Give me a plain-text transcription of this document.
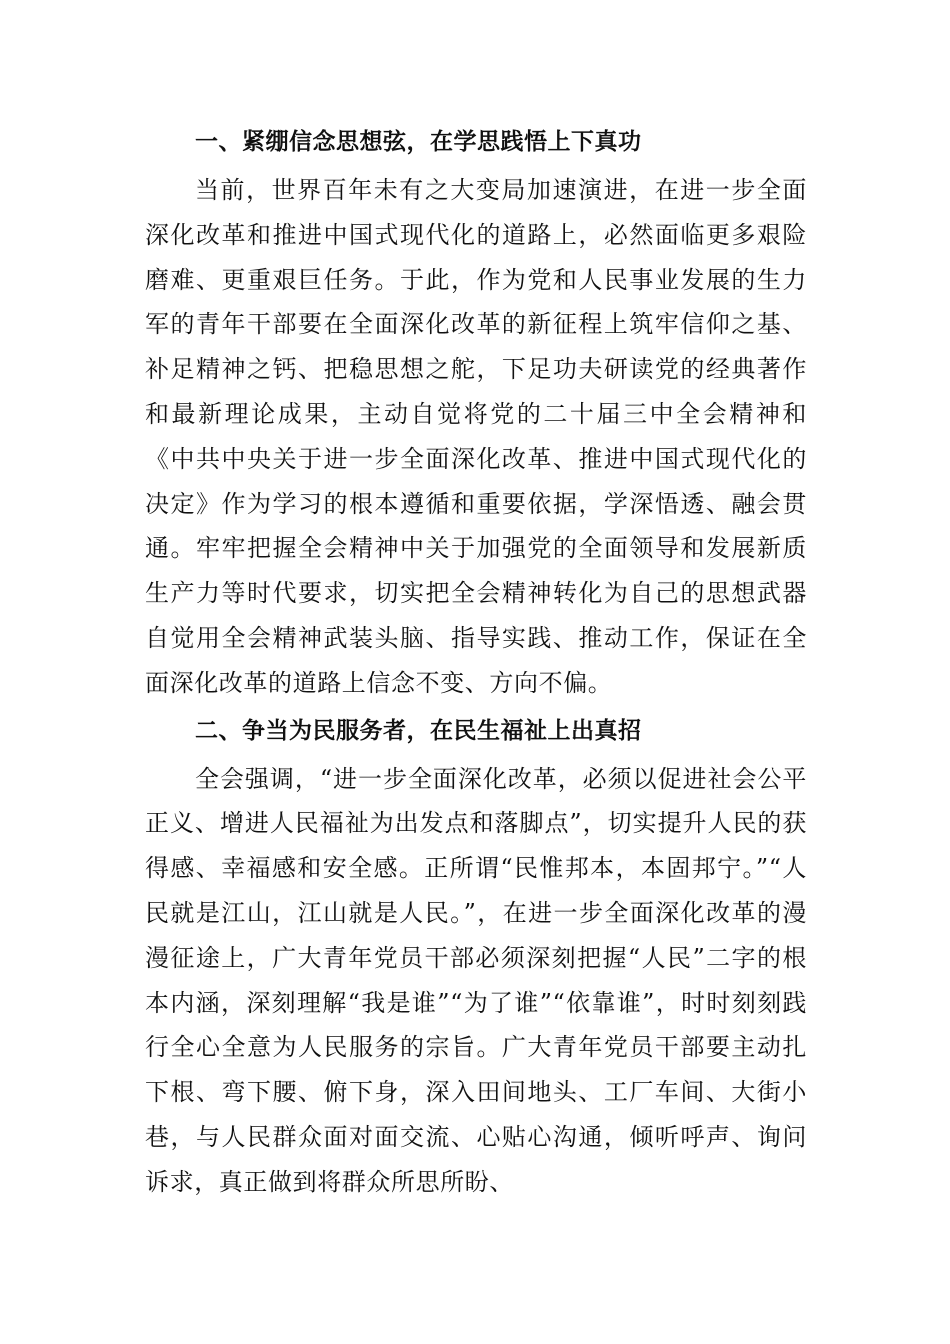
一、紧绷信念思想弦，在学思践悟上下真功
当前，世界百年未有之大变局加速演进，在进一步全面深化改革和推进中国式现代化的道路上，必然面临更多艰险磨难、更重艰巨任务。于此，作为党和人民事业发展的生力军的青年干部要在全面深化改革的新征程上筑牢信仰之基、补足精神之钙、把稳思想之舵，下足功夫研读党的经典著作和最新理论成果，主动自觉将党的二十届三中全会精神和《中共中央关于进一步全面深化改革、推进中国式现代化的决定》作为学习的根本遵循和重要依据，学深悟透、融会贯通。牢牢把握全会精神中关于加强党的全面领导和发展新质生产力等时代要求，切实把全会精神转化为自己的思想武器自觉用全会精神武装头脑、指导实践、推动工作，保证在全面深化改革的道路上信念不变、方向不偏。
二、争当为民服务者，在民生福祉上出真招
全会强调，“进一步全面深化改革，必须以促进社会公平正义、增进人民福祉为出发点和落脚点”，切实提升人民的获得感、幸福感和安全感。正所谓“民惟邦本，本固邦宁。”“人民就是江山，江山就是人民。”，在进一步全面深化改革的漫漫征途上，广大青年党员干部必须深刻把握“人民”二字的根本内涵，深刻理解“我是谁”“为了谁”“依靠谁”，时时刻刻践行全心全意为人民服务的宗旨。广大青年党员干部要主动扎下根、弯下腰、俯下身，深入田间地头、工厂车间、大街小巷，与人民群众面对面交流、心贴心沟通，倾听呼声、询问诉求，真正做到将群众所思所盼、
